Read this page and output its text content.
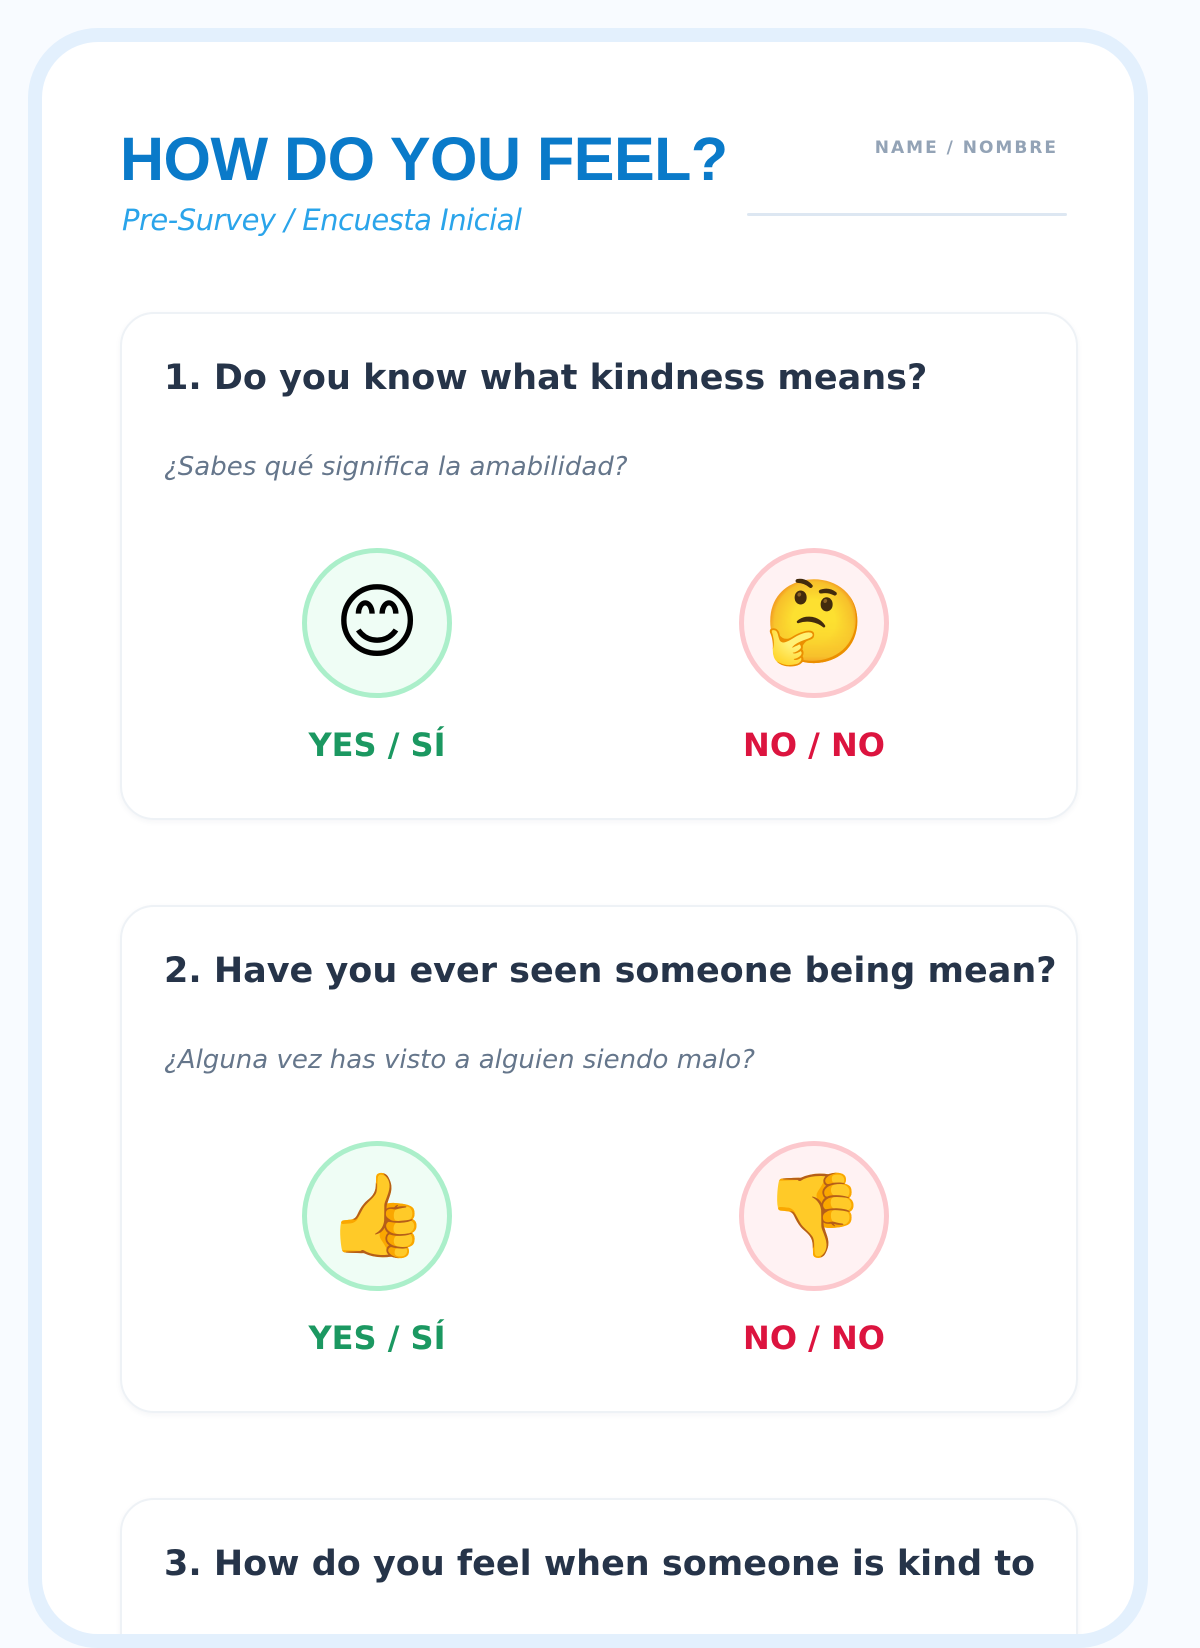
HOW DO YOU FEEL?
Pre-Survey / Encuesta Inicial
NAME / NOMBRE
1. Do you know what kindness means?
¿Sabes qué significa la amabilidad?
😊
YES / SÍ
🤔
NO / NO
2. Have you ever seen someone being mean?
¿Alguna vez has visto a alguien siendo malo?
👍
YES / SÍ
👎
NO / NO
3. How do you feel when someone is kind to
